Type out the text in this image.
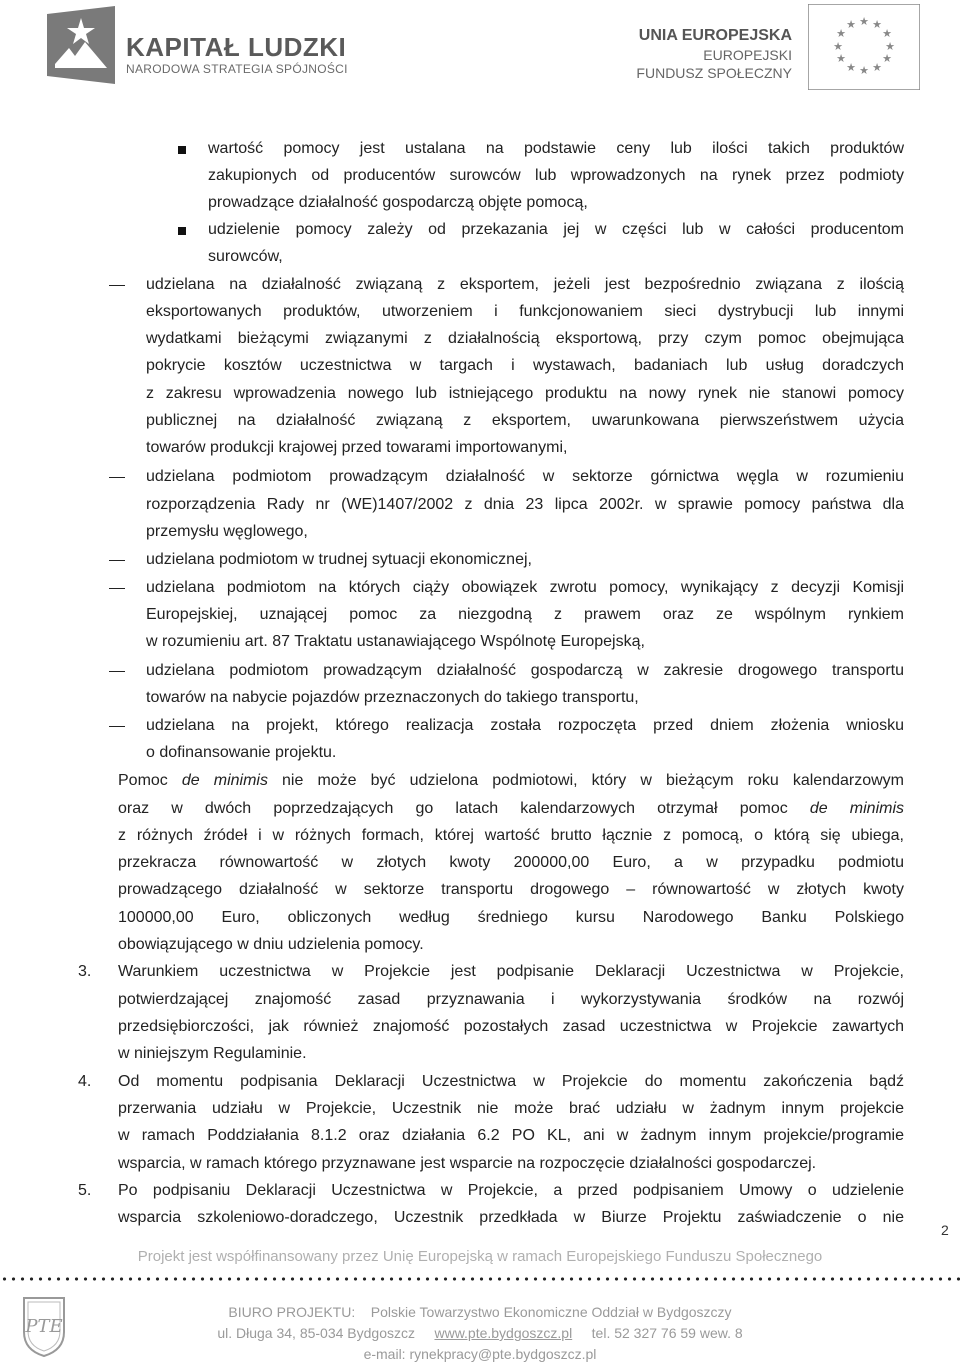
KAPITAŁ LUDZKI
NARODOWA STRATEGIA SPÓJNOŚCI
UNIA EUROPEJSKA
EUROPEJSKI
FUNDUSZ SPOŁECZNY
★ ★
★
★
★
★
★
★
★
★
★
★
wartość pomocy jest ustalana na podstawie ceny lub ilości takich produktów
zakupionych od producentów surowców lub wprowadzonych na rynek przez podmioty
prowadzące działalność gospodarczą objęte pomocą,
udzielenie pomocy zależy od przekazania jej w części lub w całości producentom
surowców,
udzielana na działalność związaną z eksportem, jeżeli jest bezpośrednio związana z ilością
eksportowanych produktów, utworzeniem i funkcjonowaniem sieci dystrybucji lub innymi
wydatkami bieżącymi związanymi z działalnością eksportową, przy czym pomoc obejmująca
pokrycie kosztów uczestnictwa w targach i wystawach, badaniach lub usług doradczych
z zakresu wprowadzenia nowego lub istniejącego produktu na nowy rynek nie stanowi pomocy
publicznej na działalność związaną z eksportem, uwarunkowana pierwszeństwem użycia
towarów produkcji krajowej przed towarami importowanymi,
udzielana podmiotom prowadzącym działalność w sektorze górnictwa węgla w rozumieniu
rozporządzenia Rady nr (WE)1407/2002 z dnia 23 lipca 2002r. w sprawie pomocy państwa dla
przemysłu węglowego,
udzielana podmiotom w trudnej sytuacji ekonomicznej,
udzielana podmiotom na których ciąży obowiązek zwrotu pomocy, wynikający z decyzji Komisji
Europejskiej, uznającej pomoc za niezgodną z prawem oraz ze wspólnym rynkiem
w rozumieniu art. 87 Traktatu ustanawiającego Wspólnotę Europejską,
udzielana podmiotom prowadzącym działalność gospodarczą w zakresie drogowego transportu
towarów na nabycie pojazdów przeznaczonych do takiego transportu,
udzielana na projekt, którego realizacja została rozpoczęta przed dniem złożenia wniosku
o dofinansowanie projektu.
Pomoc de minimis nie może być udzielona podmiotowi, który w bieżącym roku kalendarzowym
oraz w dwóch poprzedzających go latach kalendarzowych otrzymał pomoc de minimis
z różnych źródeł i w różnych formach, której wartość brutto łącznie z pomocą, o którą się ubiega,
przekracza równowartość w złotych kwoty 200000,00 Euro, a w przypadku podmiotu
prowadzącego działalność w sektorze transportu drogowego – równowartość w złotych kwoty
100000,00 Euro, obliczonych według średniego kursu Narodowego Banku Polskiego
obowiązującego w dniu udzielenia pomocy.
3. Warunkiem uczestnictwa w Projekcie jest podpisanie Deklaracji Uczestnictwa w Projekcie,
potwierdzającej znajomość zasad przyznawania i wykorzystywania środków na rozwój
przedsiębiorczości, jak również znajomość pozostałych zasad uczestnictwa w Projekcie zawartych
w niniejszym Regulaminie.
4. Od momentu podpisania Deklaracji Uczestnictwa w Projekcie do momentu zakończenia bądź
przerwania udziału w Projekcie, Uczestnik nie może brać udziału w żadnym innym projekcie
w ramach Poddziałania 8.1.2 oraz działania 6.2 PO KL, ani w żadnym innym projekcie/programie
wsparcia, w ramach którego przyznawane jest wsparcie na rozpoczęcie działalności gospodarczej.
5. Po podpisaniu Deklaracji Uczestnictwa w Projekcie, a przed podpisaniem Umowy o udzielenie
wsparcia szkoleniowo-doradczego, Uczestnik przedkłada w Biurze Projektu zaświadczenie o nie
2
Projekt jest współfinansowany przez Unię Europejską w ramach Europejskiego Funduszu Społecznego
PTE
BIURO PROJEKTU: Polskie Towarzystwo Ekonomiczne Oddział w Bydgoszczy
ul. Długa 34, 85-034 Bydgoszcz www.pte.bydgoszcz.pl tel. 52 327 76 59 wew. 8
e-mail: rynekpracy@pte.bydgoszcz.pl
